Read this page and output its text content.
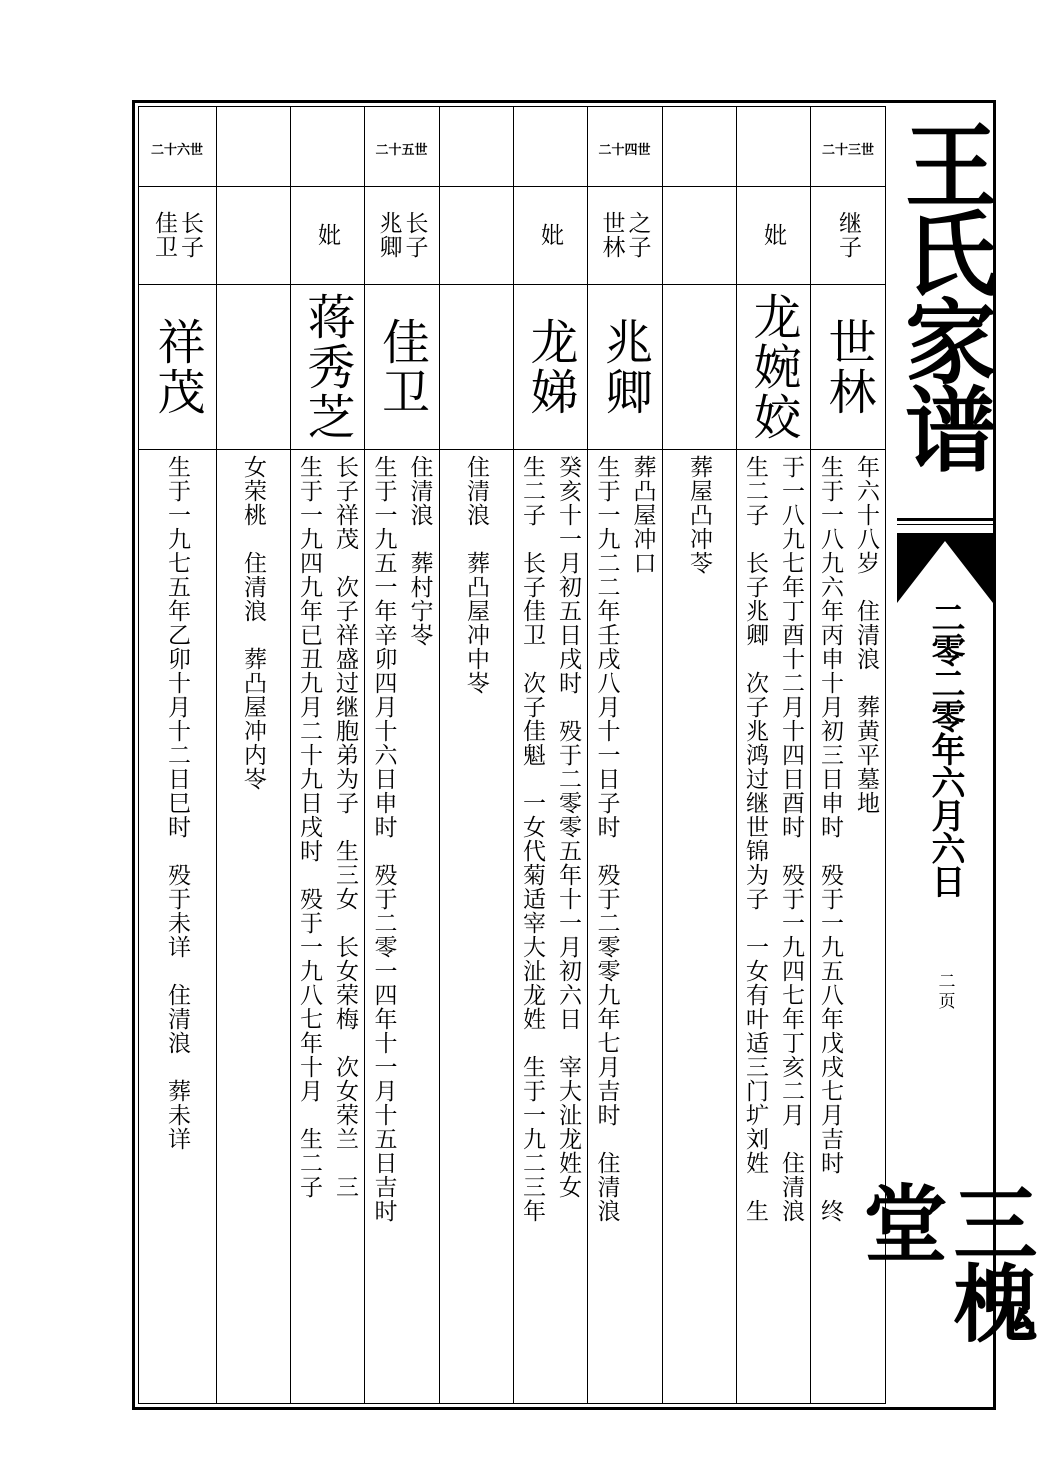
二十三世
继子
世林
生于一八九六年丙申十月初三日申时　殁于一九五八年戊戌七月吉时　终 年六十八岁　住清浪　葬黄平墓地
妣
龙婉姣
生二子　长子兆卿　次子兆鸿过继世锦为子　一女有叶适三门圹刘姓　生 于一八九七年丁酉十二月十四日酉时　殁于一九四七年丁亥二月　住清浪
葬屋凸冲苓
二十四世
世林 之子
兆卿
生于一九二二年壬戌八月十一日子时　殁于二零零九年七月吉时　住清浪 葬凸屋冲口
妣
龙娣
生二子　长子佳卫　次子佳魁　一女代菊适宰大沚龙姓　生于一九二三年 癸亥十一月初五日戌时　殁于二零零五年十一月初六日　宰大沚龙姓女
住清浪　葬凸屋冲中岺
二十五世
兆卿 长子
佳卫
生于一九五一年辛卯四月十六日申时　殁于二零一四年十一月十五日吉时 住清浪　葬村宁岺
妣
蒋秀芝
生于一九四九年已丑九月二十九日戌时　殁于一九八七年十月　生二子 长子祥茂　次子祥盛过继胞弟为子　生三女　长女荣梅　次女荣兰　三
女荣桃　住清浪　葬凸屋冲内岺
二十六世
佳卫 长子
祥茂
生于一九七五年乙卯十月十二日巳时　殁于未详　住清浪　葬未详
王氏家谱
二零二零年六月六日
二页
三槐堂
